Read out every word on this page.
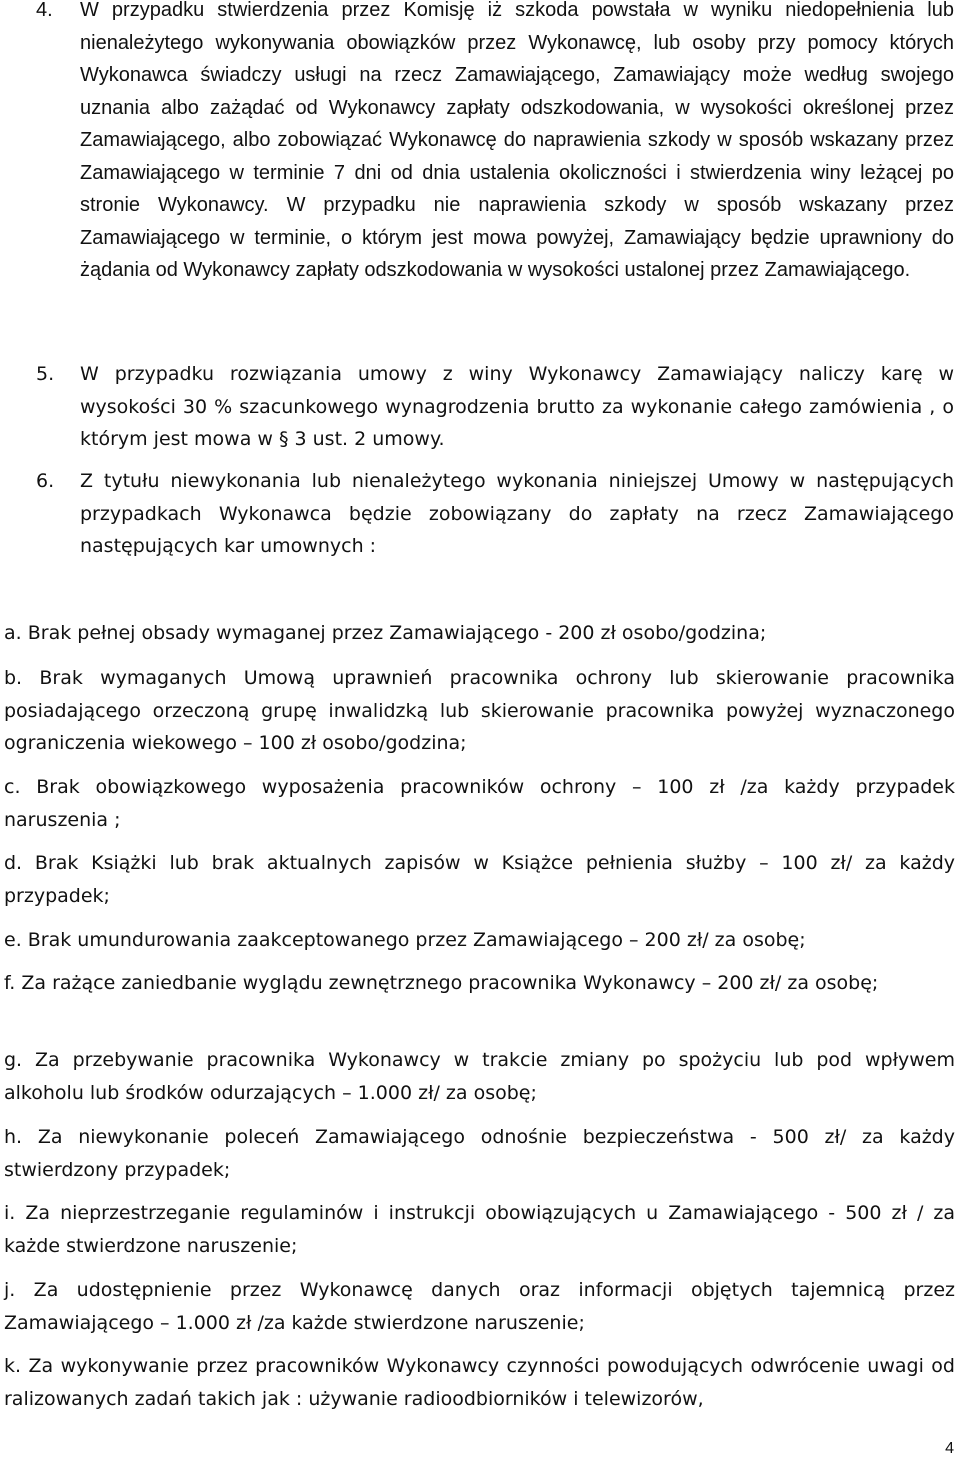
4.	W przypadku stwierdzenia przez Komisję iż szkoda powstała w wyniku niedopełnienia lub nienależytego wykonywania obowiązków przez Wykonawcę, lub osoby przy pomocy których Wykonawca świadczy usługi na rzecz Zamawiającego, Zamawiający może według swojego uznania albo zażądać od Wykonawcy zapłaty odszkodowania, w wysokości określonej przez Zamawiającego, albo zobowiązać Wykonawcę do naprawienia szkody w sposób wskazany przez Zamawiającego w terminie 7 dni od dnia ustalenia okoliczności i stwierdzenia winy leżącej po stronie Wykonawcy. W przypadku nie naprawienia szkody w sposób wskazany przez Zamawiającego w terminie, o którym jest mowa powyżej, Zamawiający będzie uprawniony do żądania od Wykonawcy zapłaty odszkodowania w wysokości ustalonej przez Zamawiającego.
5.	W przypadku rozwiązania umowy z winy Wykonawcy Zamawiający naliczy karę w wysokości 30 % szacunkowego wynagrodzenia brutto za wykonanie całego zamówienia , o którym jest mowa w § 3 ust. 2 umowy.
6.	Z tytułu niewykonania lub nienależytego wykonania niniejszej Umowy w następujących przypadkach Wykonawca będzie zobowiązany do zapłaty na rzecz Zamawiającego następujących kar umownych :
a. Brak pełnej obsady wymaganej przez Zamawiającego - 200 zł osobo/godzina;
b. Brak wymaganych Umową uprawnień pracownika ochrony lub skierowanie pracownika posiadającego orzeczoną grupę inwalidzką lub skierowanie pracownika powyżej wyznaczonego ograniczenia wiekowego – 100 zł osobo/godzina;
c. Brak obowiązkowego wyposażenia pracowników ochrony – 100 zł /za każdy przypadek naruszenia ;
d. Brak Książki lub brak aktualnych zapisów w Książce pełnienia służby – 100 zł/ za każdy przypadek;
e. Brak umundurowania zaakceptowanego przez Zamawiającego – 200 zł/ za osobę;
f. Za rażące zaniedbanie wyglądu zewnętrznego pracownika Wykonawcy – 200 zł/ za osobę;
g. Za przebywanie pracownika Wykonawcy w trakcie zmiany po spożyciu lub pod wpływem alkoholu lub środków odurzających – 1.000 zł/ za osobę;
h. Za niewykonanie poleceń Zamawiającego odnośnie bezpieczeństwa - 500 zł/ za każdy stwierdzony przypadek;
i. Za nieprzestrzeganie regulaminów i instrukcji obowiązujących u Zamawiającego - 500 zł / za każde stwierdzone naruszenie;
j. Za udostępnienie przez Wykonawcę danych oraz informacji objętych tajemnicą przez Zamawiającego – 1.000 zł /za każde stwierdzone naruszenie;
k. Za wykonywanie przez pracowników Wykonawcy czynności powodujących odwrócenie uwagi od ralizowanych zadań takich jak : używanie radioodbiorników i telewizorów,
4
